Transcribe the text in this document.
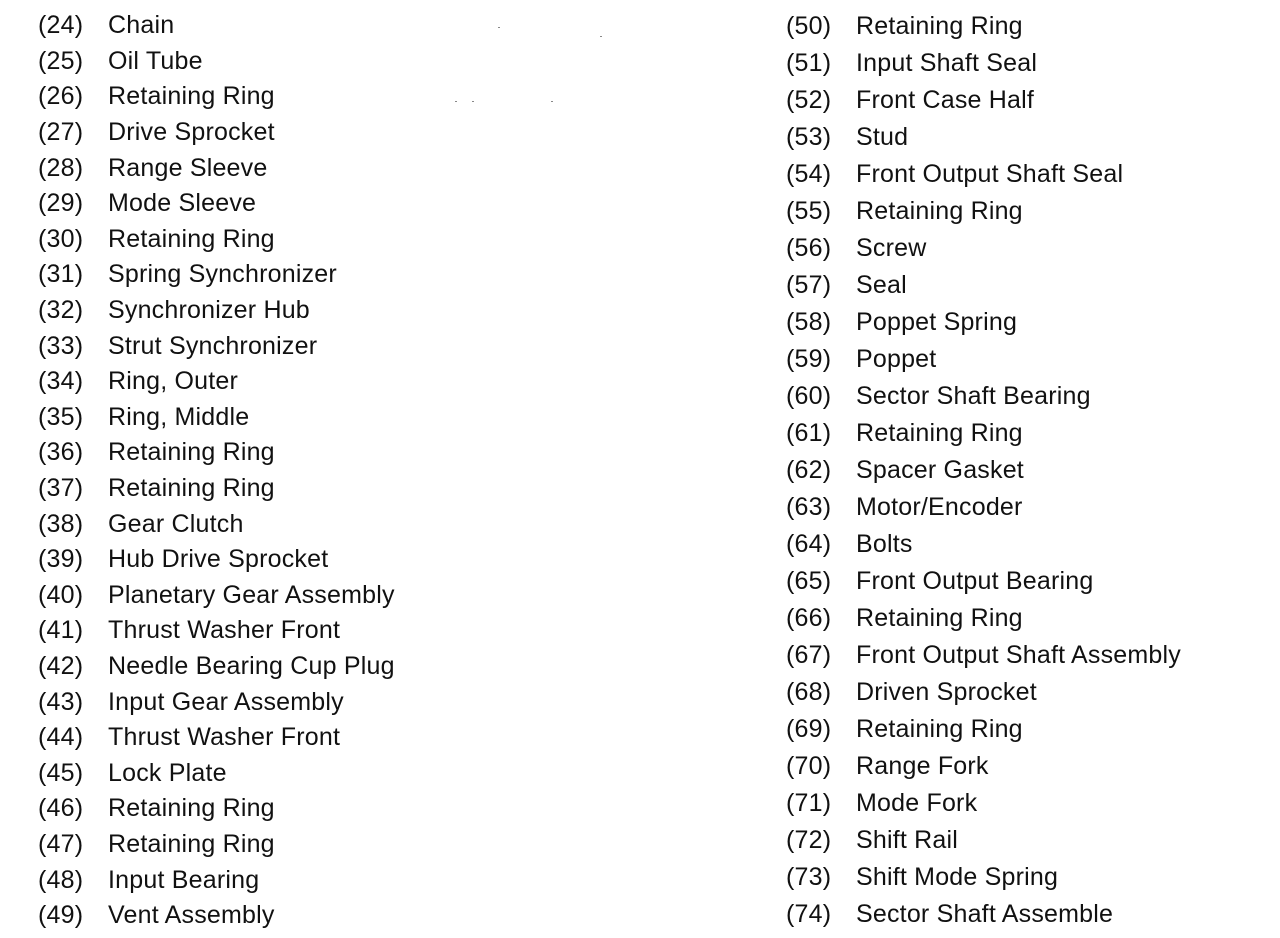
(24) Chain
(25) Oil Tube
(26) Retaining Ring
(27) Drive Sprocket
(28) Range Sleeve
(29) Mode Sleeve
(30) Retaining Ring
(31) Spring Synchronizer
(32) Synchronizer Hub
(33) Strut Synchronizer
(34) Ring, Outer
(35) Ring, Middle
(36) Retaining Ring
(37) Retaining Ring
(38) Gear Clutch
(39) Hub Drive Sprocket
(40) Planetary Gear Assembly
(41) Thrust Washer Front
(42) Needle Bearing Cup Plug
(43) Input Gear Assembly
(44) Thrust Washer Front
(45) Lock Plate
(46) Retaining Ring
(47) Retaining Ring
(48) Input Bearing
(49) Vent Assembly
(50) Retaining Ring
(51) Input Shaft Seal
(52) Front Case Half
(53) Stud
(54) Front Output Shaft Seal
(55) Retaining Ring
(56) Screw
(57) Seal
(58) Poppet Spring
(59) Poppet
(60) Sector Shaft Bearing
(61) Retaining Ring
(62) Spacer Gasket
(63) Motor/Encoder
(64) Bolts
(65) Front Output Bearing
(66) Retaining Ring
(67) Front Output Shaft Assembly
(68) Driven Sprocket
(69) Retaining Ring
(70) Range Fork
(71) Mode Fork
(72) Shift Rail
(73) Shift Mode Spring
(74) Sector Shaft Assemble
